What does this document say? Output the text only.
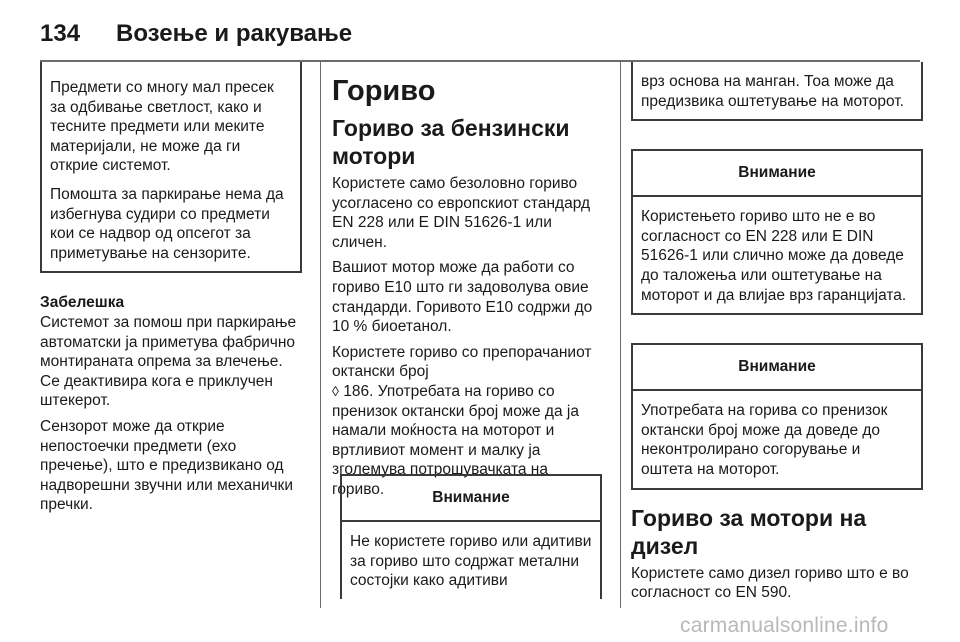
134 Возење и ракување

Предмети со многу мал пресек за одбивање светлост, како и тесните предмети или меките материјали, не може да ги открие системот.

Помошта за паркирање нема да избегнува судири со предмети кои се надвор од опсегот за приметување на сензорите.

Забелешка

Системот за помош при паркирање автоматски ја приметува фабрично монтираната опрема за влечење. Се деактивира кога е приклучен штекерот.

Сензорот може да открие непостоечки предмети (ехо пречење), што е предизвикано од надворешни звучни или механички пречки.

Гориво
Гориво за бензински мотори

Користете само безоловно гориво усогласено со европскиот стандард EN 228 или E DIN 51626-1 или сличен.

Вашиот мотор може да работи со гориво E10 што ги задоволува овие стандарди. Горивото E10 содржи до 10 % биоетанол.

Користете гориво со препорачаниот октански број
◊ 186. Употребата на гориво со пренизок октански број може да ја намали моќноста на моторот и вртливиот момент и малку ја зголемува потрошувачката на гориво.	Внимание

Не користете гориво или адитиви за гориво што содржат метални состојки како адитиви

врз основа на манган. Тоа може да предизвика оштетување на моторот.

Внимание

Користењето гориво што не е во согласност со EN 228 или E DIN 51626-1 или слично може да доведе до таложења или оштетување на моторот и да влијае врз гаранцијата.

Внимание

Употребата на горива со пренизок октански број може да доведе до неконтролирано согорување и оштета на моторот.

Гориво за мотори на дизел

Користете само дизел гориво што е во согласност со EN 590.

carmanualsonline.info
